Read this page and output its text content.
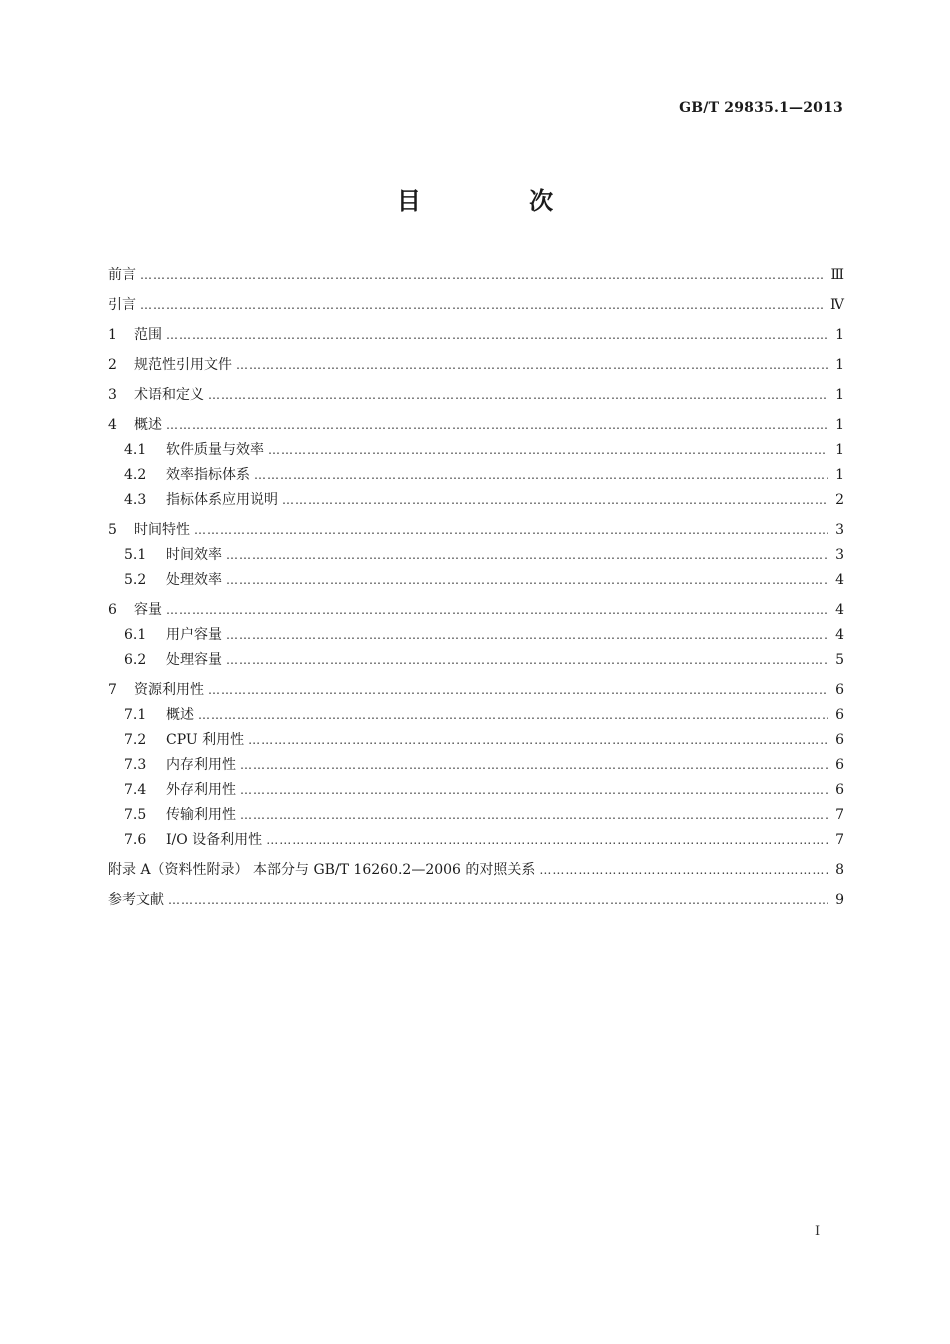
GB/T 29835.1—2013
目 次
前言 ………………………………………………………………………………………………………………………………………………………………………………………………………………	Ⅲ
引言 ………………………………………………………………………………………………………………………………………………………………………………………………………………	Ⅳ
1	范围 ………………………………………………………………………………………………………………………………………………………………………………………………………………	1
2	规范性引用文件 ………………………………………………………………………………………………………………………………………………………………………………………………………………	1
3	术语和定义 ………………………………………………………………………………………………………………………………………………………………………………………………………………	1
4	概述 ………………………………………………………………………………………………………………………………………………………………………………………………………………	1
4.1	软件质量与效率 ………………………………………………………………………………………………………………………………………………………………………………………………………………	1
4.2	效率指标体系 ………………………………………………………………………………………………………………………………………………………………………………………………………………	1
4.3	指标体系应用说明 ………………………………………………………………………………………………………………………………………………………………………………………………………………	2
5	时间特性 ………………………………………………………………………………………………………………………………………………………………………………………………………………	3
5.1	时间效率 ………………………………………………………………………………………………………………………………………………………………………………………………………………	3
5.2	处理效率 ………………………………………………………………………………………………………………………………………………………………………………………………………………	4
6	容量 ………………………………………………………………………………………………………………………………………………………………………………………………………………	4
6.1	用户容量 ………………………………………………………………………………………………………………………………………………………………………………………………………………	4
6.2	处理容量 ………………………………………………………………………………………………………………………………………………………………………………………………………………	5
7	资源利用性 ………………………………………………………………………………………………………………………………………………………………………………………………………………	6
7.1	概述 ………………………………………………………………………………………………………………………………………………………………………………………………………………	6
7.2	CPU 利用性 ………………………………………………………………………………………………………………………………………………………………………………………………………………	6
7.3	内存利用性 ………………………………………………………………………………………………………………………………………………………………………………………………………………	6
7.4	外存利用性 ………………………………………………………………………………………………………………………………………………………………………………………………………………	6
7.5	传输利用性 ………………………………………………………………………………………………………………………………………………………………………………………………………………	7
7.6	I/O 设备利用性 ………………………………………………………………………………………………………………………………………………………………………………………………………………	7
附录 A（资料性附录） 本部分与 GB/T 16260.2—2006 的对照关系 ………………………………………………………………………………………………………………………………………………………………………………………………………………	8
参考文献 ………………………………………………………………………………………………………………………………………………………………………………………………………………	9
Ⅰ
